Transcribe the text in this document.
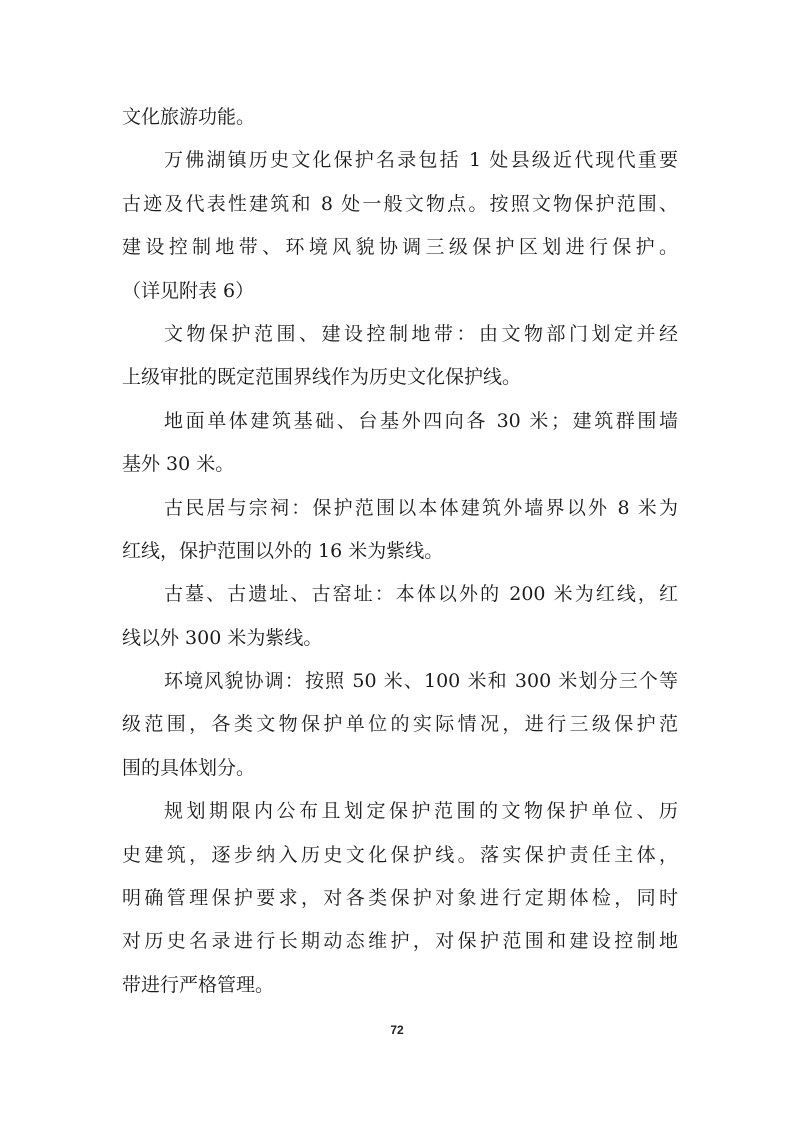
文化旅游功能。
万佛湖镇历史文化保护名录包括 1 处县级近代现代重要
古迹及代表性建筑和 8 处一般文物点。按照文物保护范围、
建设控制地带、环境风貌协调三级保护区划进行保护。
（详见附表 6）
文物保护范围、建设控制地带：由文物部门划定并经
上级审批的既定范围界线作为历史文化保护线。
地面单体建筑基础、台基外四向各 30 米；建筑群围墙
基外 30 米。
古民居与宗祠：保护范围以本体建筑外墙界以外 8 米为
红线，保护范围以外的 16 米为紫线。
古墓、古遗址、古窑址：本体以外的 200 米为红线，红
线以外 300 米为紫线。
环境风貌协调：按照 50 米、100 米和 300 米划分三个等
级范围，各类文物保护单位的实际情况，进行三级保护范
围的具体划分。
规划期限内公布且划定保护范围的文物保护单位、历
史建筑，逐步纳入历史文化保护线。落实保护责任主体，
明确管理保护要求，对各类保护对象进行定期体检，同时
对历史名录进行长期动态维护，对保护范围和建设控制地
带进行严格管理。
72
